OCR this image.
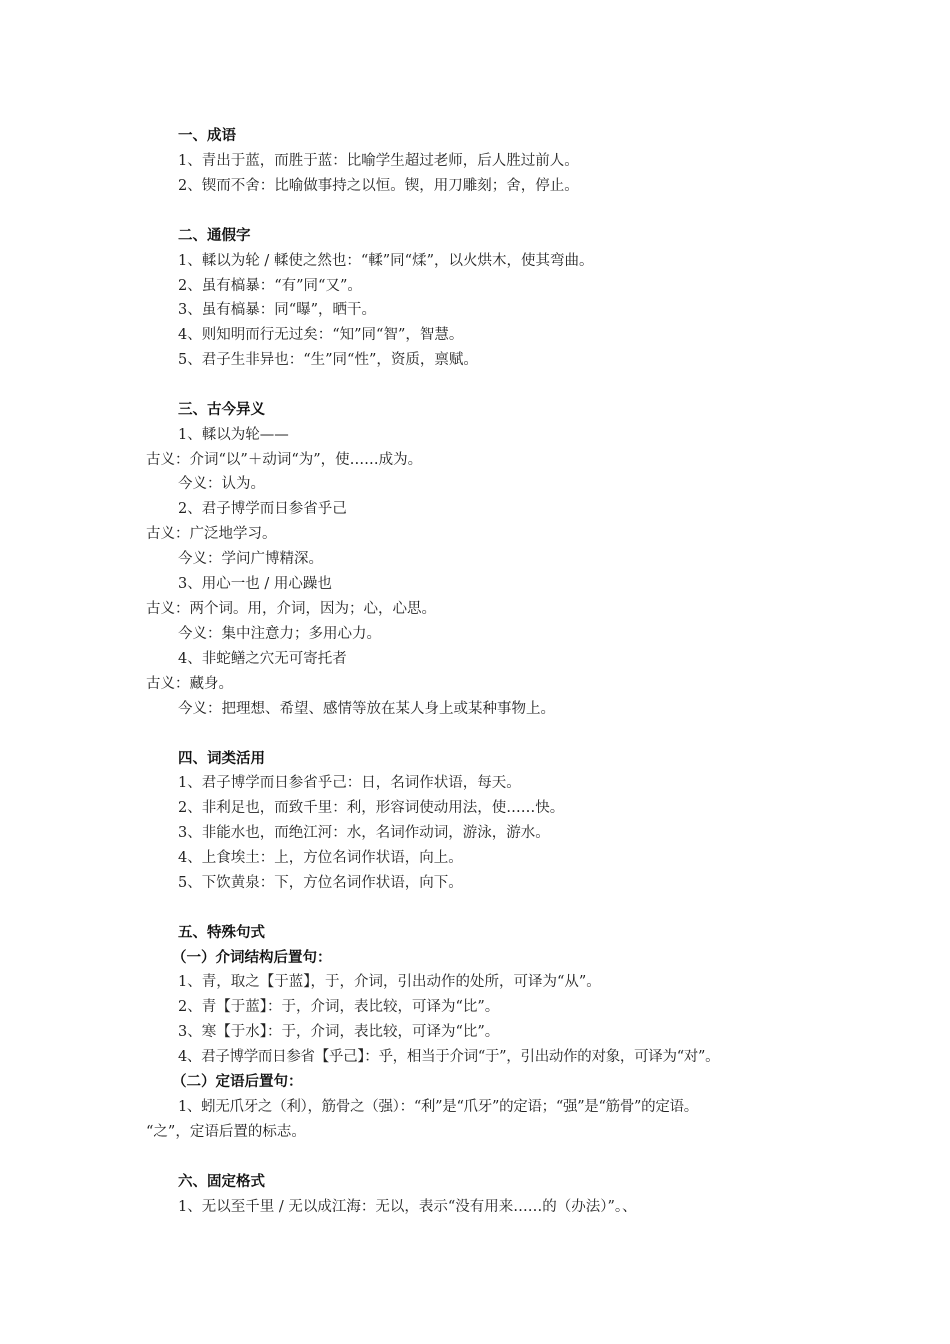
一、成语
1、青出于蓝，而胜于蓝：比喻学生超过老师，后人胜过前人。
2、锲而不舍：比喻做事持之以恒。锲，用刀雕刻；舍，停止。
二、通假字
1、輮以为轮 / 輮使之然也：“輮”同“煣”，以火烘木，使其弯曲。
2、虽有槁暴：“有”同“又”。
3、虽有槁暴：同“曝”，晒干。
4、则知明而行无过矣：“知”同“智”，智慧。
5、君子生非异也：“生”同“性”，资质，禀赋。
三、古今异义
1、輮以为轮——
古义：介词“以”＋动词“为”，使……成为。
今义：认为。
2、君子博学而日参省乎己
古义：广泛地学习。
今义：学问广博精深。
3、用心一也 / 用心躁也
古义：两个词。用，介词，因为；心，心思。
今义：集中注意力；多用心力。
4、非蛇鳝之穴无可寄托者
古义：藏身。
今义：把理想、希望、感情等放在某人身上或某种事物上。
四、词类活用
1、君子博学而日参省乎己：日，名词作状语，每天。
2、非利足也，而致千里：利，形容词使动用法，使……快。
3、非能水也，而绝江河：水，名词作动词，游泳，游水。
4、上食埃土：上，方位名词作状语，向上。
5、下饮黄泉：下，方位名词作状语，向下。
五、特殊句式
（一）介词结构后置句：
1、青，取之【于蓝】，于，介词，引出动作的处所，可译为“从”。
2、青【于蓝】：于，介词，表比较，可译为“比”。
3、寒【于水】：于，介词，表比较，可译为“比”。
4、君子博学而日参省【乎己】：乎，相当于介词“于”，引出动作的对象，可译为“对”。
（二）定语后置句：
1、蚓无爪牙之（利），筋骨之（强）：“利”是“爪牙”的定语；“强”是“筋骨”的定语。
“之”，定语后置的标志。
六、固定格式
1、无以至千里 / 无以成江海：无以，表示“没有用来……的（办法）”。、
